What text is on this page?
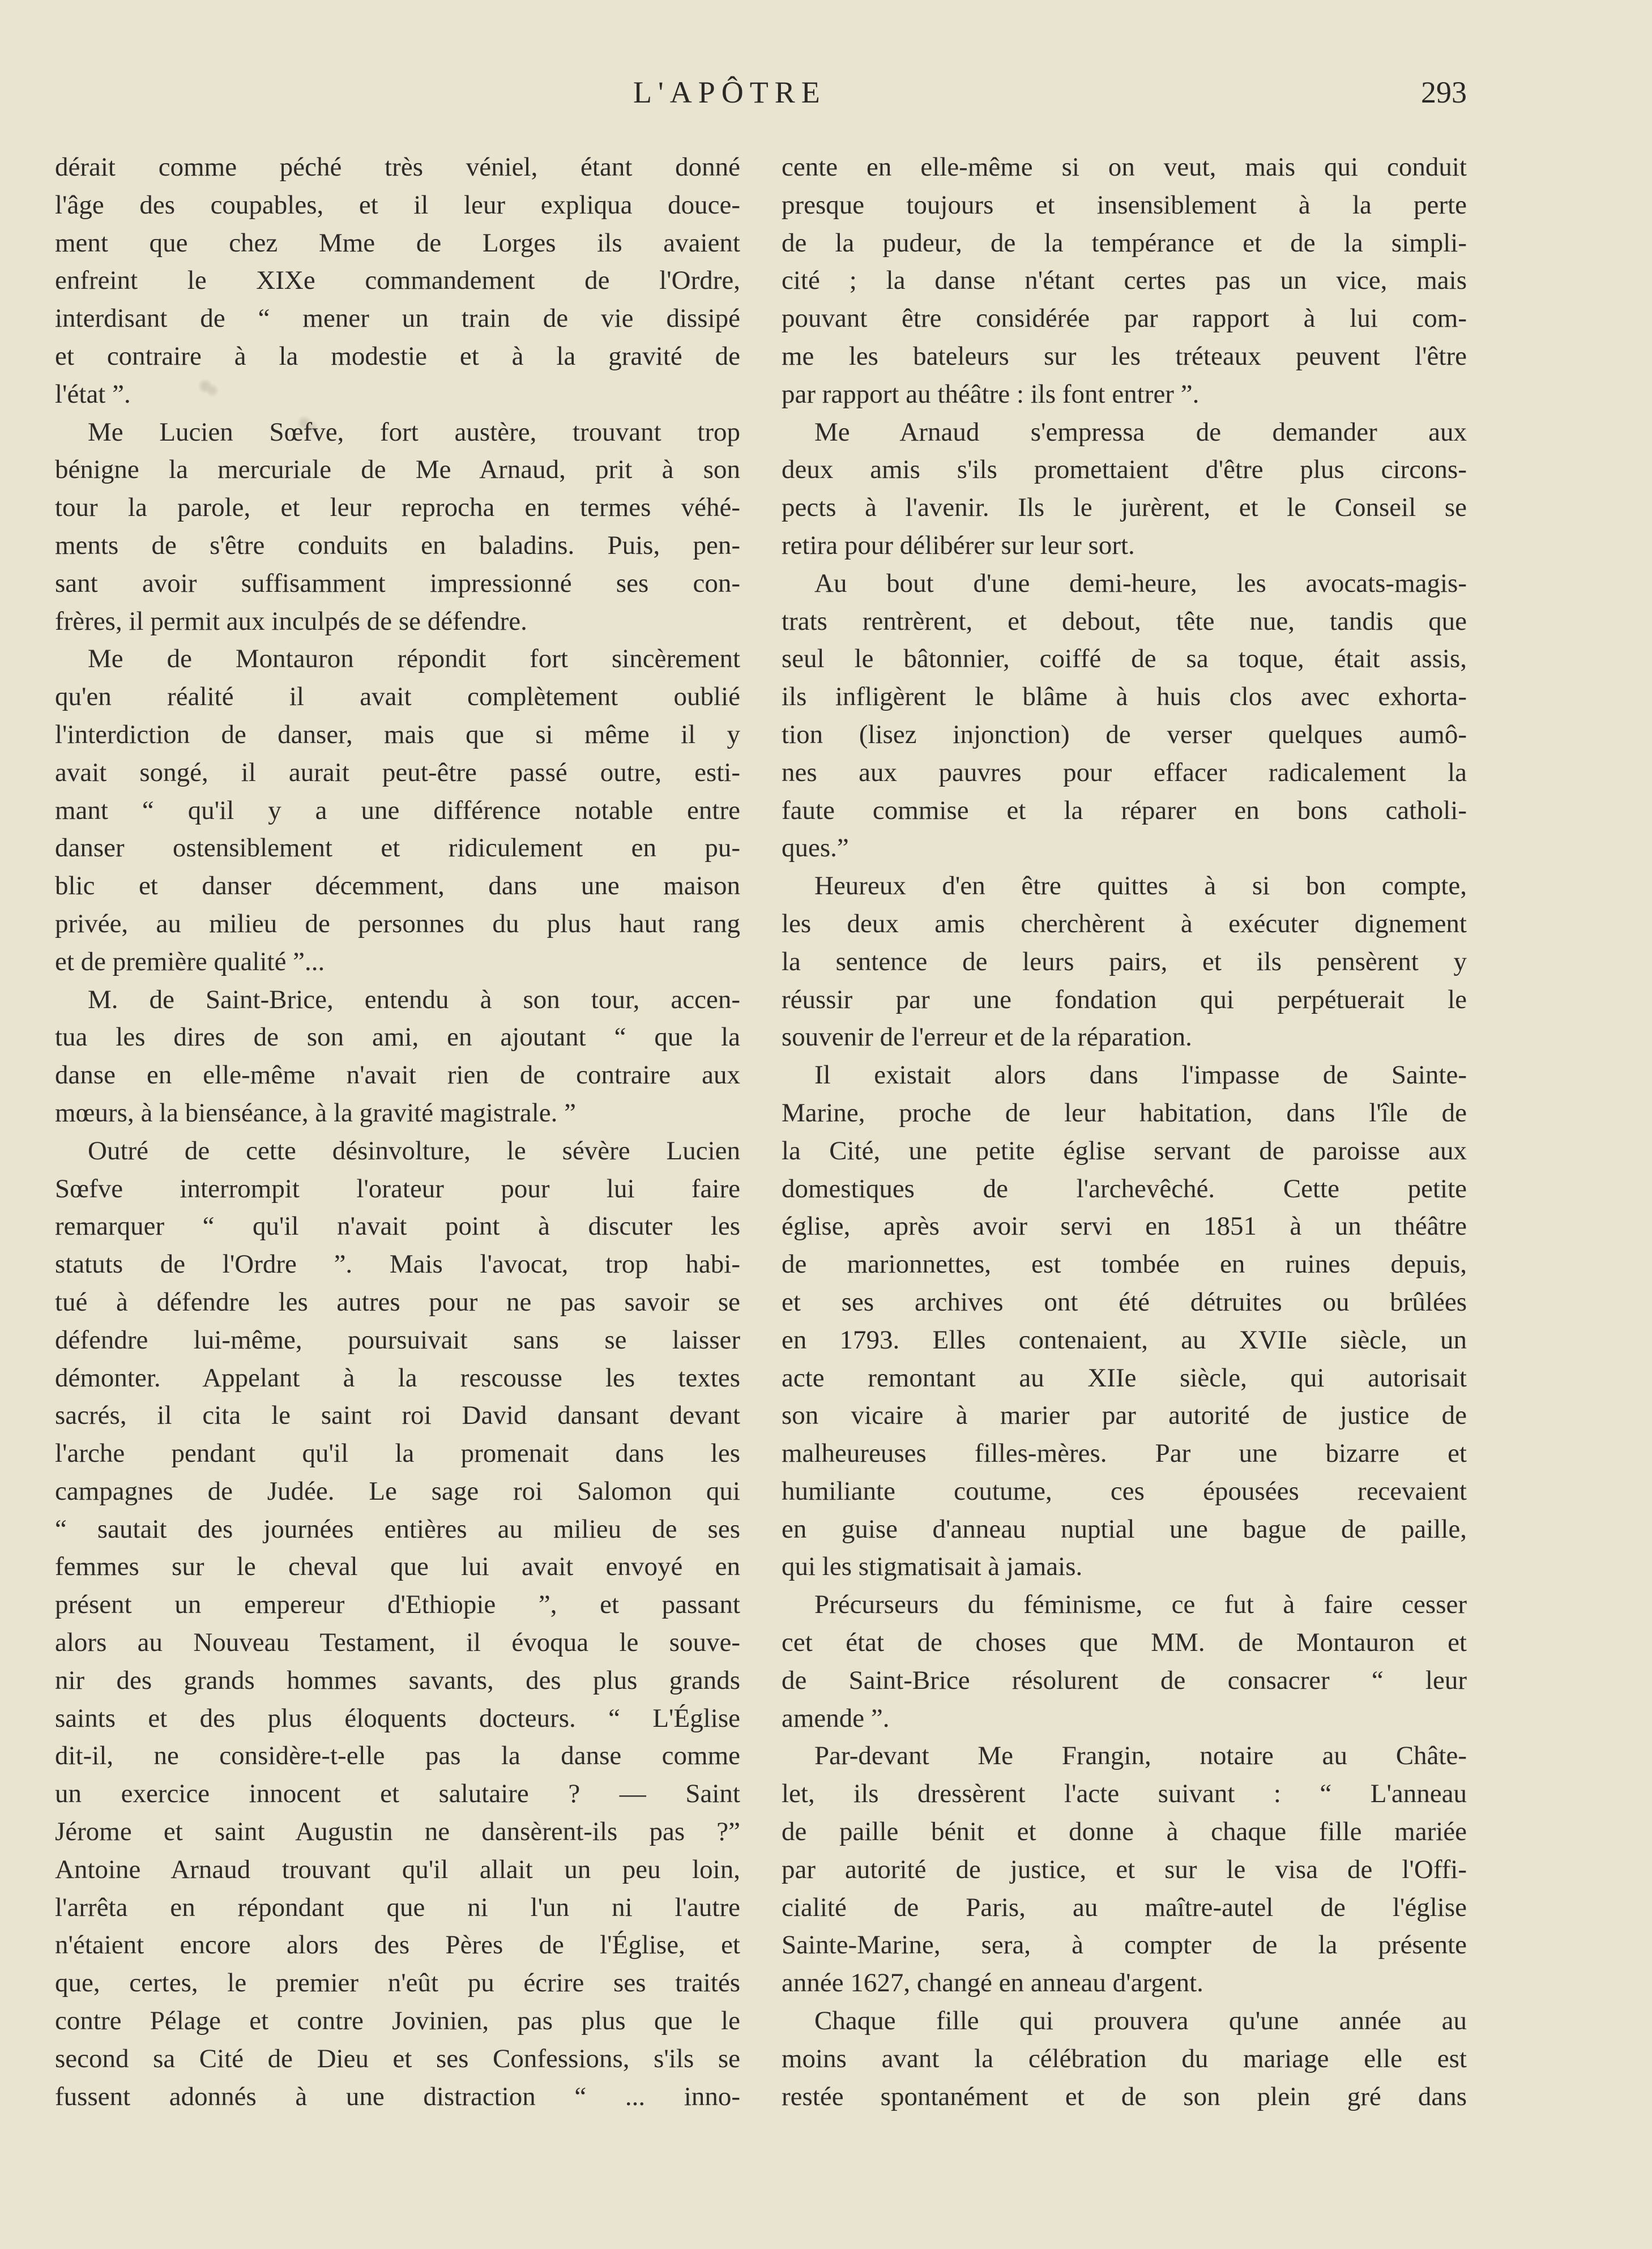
L'APÔTRE	293
dérait comme péché très véniel, étant donné
l'âge des coupables, et il leur expliqua douce-
ment que chez Mme de Lorges ils avaient
enfreint le XIXe commandement de l'Ordre,
interdisant de “ mener un train de vie dissipé
et contraire à la modestie et à la gravité de
l'état ”.
Me Lucien Sœfve, fort austère, trouvant trop
bénigne la mercuriale de Me Arnaud, prit à son
tour la parole, et leur reprocha en termes véhé-
ments de s'être conduits en baladins. Puis, pen-
sant avoir suffisamment impressionné ses con-
frères, il permit aux inculpés de se défendre.
Me de Montauron répondit fort sincèrement
qu'en réalité il avait complètement oublié
l'interdiction de danser, mais que si même il y
avait songé, il aurait peut-être passé outre, esti-
mant “ qu'il y a une différence notable entre
danser ostensiblement et ridiculement en pu-
blic et danser décemment, dans une maison
privée, au milieu de personnes du plus haut rang
et de première qualité ”...
M. de Saint-Brice, entendu à son tour, accen-
tua les dires de son ami, en ajoutant “ que la
danse en elle-même n'avait rien de contraire aux
mœurs, à la bienséance, à la gravité magistrale. ”
Outré de cette désinvolture, le sévère Lucien
Sœfve interrompit l'orateur pour lui faire
remarquer “ qu'il n'avait point à discuter les
statuts de l'Ordre ”. Mais l'avocat, trop habi-
tué à défendre les autres pour ne pas savoir se
défendre lui-même, poursuivait sans se laisser
démonter. Appelant à la rescousse les textes
sacrés, il cita le saint roi David dansant devant
l'arche pendant qu'il la promenait dans les
campagnes de Judée. Le sage roi Salomon qui
“ sautait des journées entières au milieu de ses
femmes sur le cheval que lui avait envoyé en
présent un empereur d'Ethiopie ”, et passant
alors au Nouveau Testament, il évoqua le souve-
nir des grands hommes savants, des plus grands
saints et des plus éloquents docteurs. “ L'Église
dit-il, ne considère-t-elle pas la danse comme
un exercice innocent et salutaire ? — Saint
Jérome et saint Augustin ne dansèrent-ils pas ?”
Antoine Arnaud trouvant qu'il allait un peu loin,
l'arrêta en répondant que ni l'un ni l'autre
n'étaient encore alors des Pères de l'Église, et
que, certes, le premier n'eût pu écrire ses traités
contre Pélage et contre Jovinien, pas plus que le
second sa Cité de Dieu et ses Confessions, s'ils se
fussent adonnés à une distraction “ ... inno-
cente en elle-même si on veut, mais qui conduit
presque toujours et insensiblement à la perte
de la pudeur, de la tempérance et de la simpli-
cité ; la danse n'étant certes pas un vice, mais
pouvant être considérée par rapport à lui com-
me les bateleurs sur les tréteaux peuvent l'être
par rapport au théâtre : ils font entrer ”.
Me Arnaud s'empressa de demander aux
deux amis s'ils promettaient d'être plus circons-
pects à l'avenir. Ils le jurèrent, et le Conseil se
retira pour délibérer sur leur sort.
Au bout d'une demi-heure, les avocats-magis-
trats rentrèrent, et debout, tête nue, tandis que
seul le bâtonnier, coiffé de sa toque, était assis,
ils infligèrent le blâme à huis clos avec exhorta-
tion (lisez injonction) de verser quelques aumô-
nes aux pauvres pour effacer radicalement la
faute commise et la réparer en bons catholi-
ques.”
Heureux d'en être quittes à si bon compte,
les deux amis cherchèrent à exécuter dignement
la sentence de leurs pairs, et ils pensèrent y
réussir par une fondation qui perpétuerait le
souvenir de l'erreur et de la réparation.
Il existait alors dans l'impasse de Sainte-
Marine, proche de leur habitation, dans l'île de
la Cité, une petite église servant de paroisse aux
domestiques de l'archevêché. Cette petite
église, après avoir servi en 1851 à un théâtre
de marionnettes, est tombée en ruines depuis,
et ses archives ont été détruites ou brûlées
en 1793. Elles contenaient, au XVIIe siècle, un
acte remontant au XIIe siècle, qui autorisait
son vicaire à marier par autorité de justice de
malheureuses filles-mères. Par une bizarre et
humiliante coutume, ces épousées recevaient
en guise d'anneau nuptial une bague de paille,
qui les stigmatisait à jamais.
Précurseurs du féminisme, ce fut à faire cesser
cet état de choses que MM. de Montauron et
de Saint-Brice résolurent de consacrer “ leur
amende ”.
Par-devant Me Frangin, notaire au Châte-
let, ils dressèrent l'acte suivant : “ L'anneau
de paille bénit et donne à chaque fille mariée
par autorité de justice, et sur le visa de l'Offi-
cialité de Paris, au maître-autel de l'église
Sainte-Marine, sera, à compter de la présente
année 1627, changé en anneau d'argent.
Chaque fille qui prouvera qu'une année au
moins avant la célébration du mariage elle est
restée spontanément et de son plein gré dans
